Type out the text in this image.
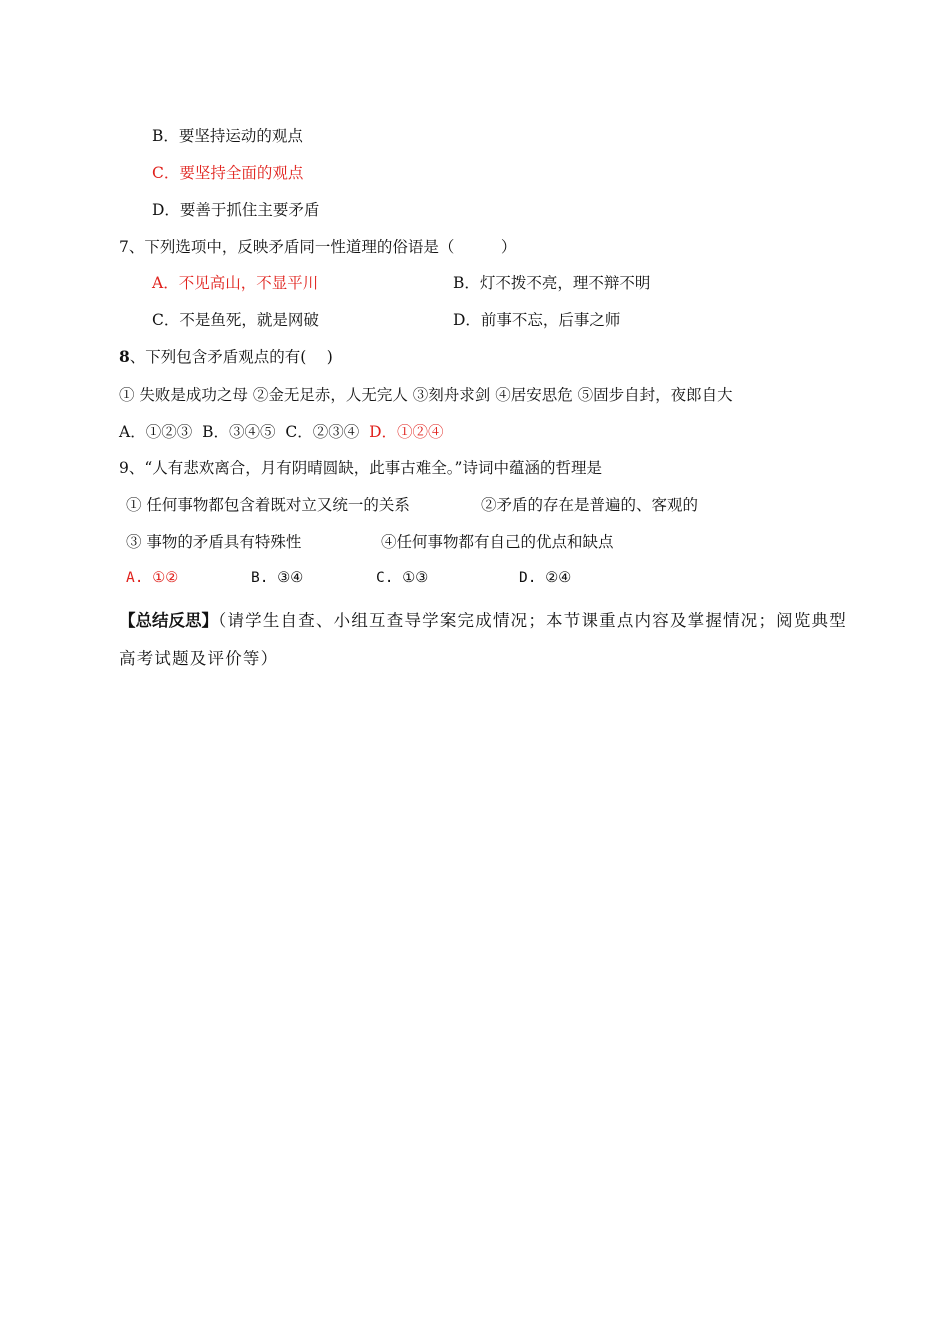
B．要坚持运动的观点
C．要坚持全面的观点
D．要善于抓住主要矛盾
7、下列选项中，反映矛盾同一性道理的俗语是（　　　）
A．不见高山，不显平川	B．灯不拨不亮，理不辩不明
C．不是鱼死，就是网破	D．前事不忘，后事之师
8、下列包含矛盾观点的有(　 )
① 失败是成功之母 ②金无足赤，人无完人 ③刻舟求剑 ④居安思危 ⑤固步自封，夜郎自大
A．①②③ B．③④⑤ C．②③④ D．①②④
9、“人有悲欢离合，月有阴晴圆缺，此事古难全。”诗词中蕴涵的哲理是
① 任何事物都包含着既对立又统一的关系	②矛盾的存在是普遍的、客观的
③ 事物的矛盾具有特殊性	④任何事物都有自己的优点和缺点
A. ①②	B. ③④	C. ①③	D. ②④
【总结反思】（请学生自查、小组互查导学案完成情况；本节课重点内容及掌握情况；阅览典型高考试题及评价等）
